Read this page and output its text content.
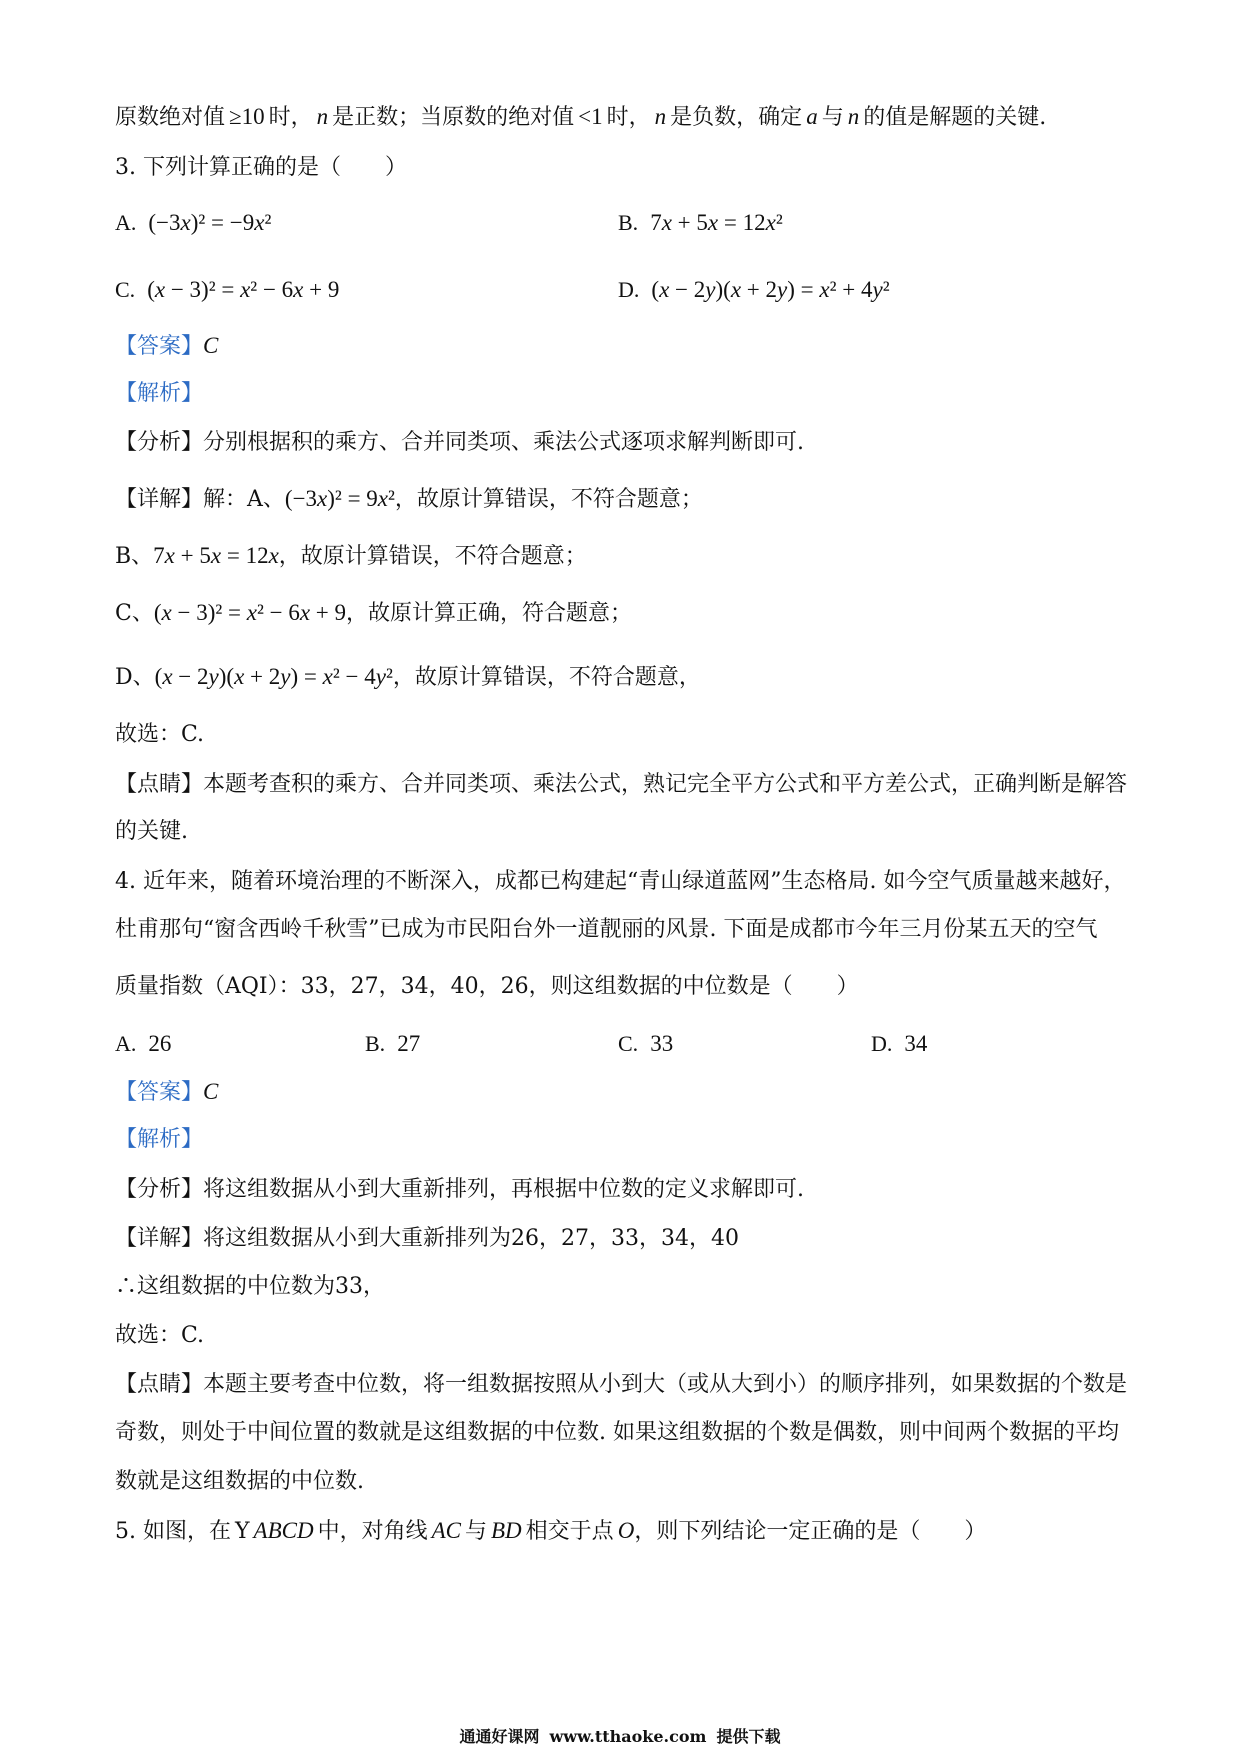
原数绝对值 ≥10 时， n 是正数；当原数的绝对值 <1 时， n 是负数，确定 a 与 n 的值是解题的关键.
3. 下列计算正确的是（　　）
A. (−3x)² = −9x²	B. 7x + 5x = 12x²
C. (x − 3)² = x² − 6x + 9	D. (x − 2y)(x + 2y) = x² + 4y²
【答案】C
【解析】
【分析】分别根据积的乘方、合并同类项、乘法公式逐项求解判断即可.
【详解】解：A、(−3x)² = 9x²，故原计算错误，不符合题意；
B、7x + 5x = 12x，故原计算错误，不符合题意；
C、(x − 3)² = x² − 6x + 9，故原计算正确，符合题意；
D、(x − 2y)(x + 2y) = x² − 4y²，故原计算错误，不符合题意，
故选：C.
【点睛】本题考查积的乘方、合并同类项、乘法公式，熟记完全平方公式和平方差公式，正确判断是解答
的关键.
4. 近年来，随着环境治理的不断深入，成都已构建起“青山绿道蓝网”生态格局. 如今空气质量越来越好，
杜甫那句“窗含西岭千秋雪”已成为市民阳台外一道靓丽的风景. 下面是成都市今年三月份某五天的空气
质量指数（AQI）：33，27，34，40，26，则这组数据的中位数是（　　）
A. 26	B. 27	C. 33	D. 34
【答案】C
【解析】
【分析】将这组数据从小到大重新排列，再根据中位数的定义求解即可.
【详解】将这组数据从小到大重新排列为26，27，33，34，40
∴这组数据的中位数为33，
故选：C.
【点睛】本题主要考查中位数，将一组数据按照从小到大（或从大到小）的顺序排列，如果数据的个数是
奇数，则处于中间位置的数就是这组数据的中位数. 如果这组数据的个数是偶数，则中间两个数据的平均
数就是这组数据的中位数.
5. 如图，在 Y ABCD 中，对角线 AC 与 BD 相交于点 O，则下列结论一定正确的是（　　）
通通好课网 www.tthaoke.com 提供下载
